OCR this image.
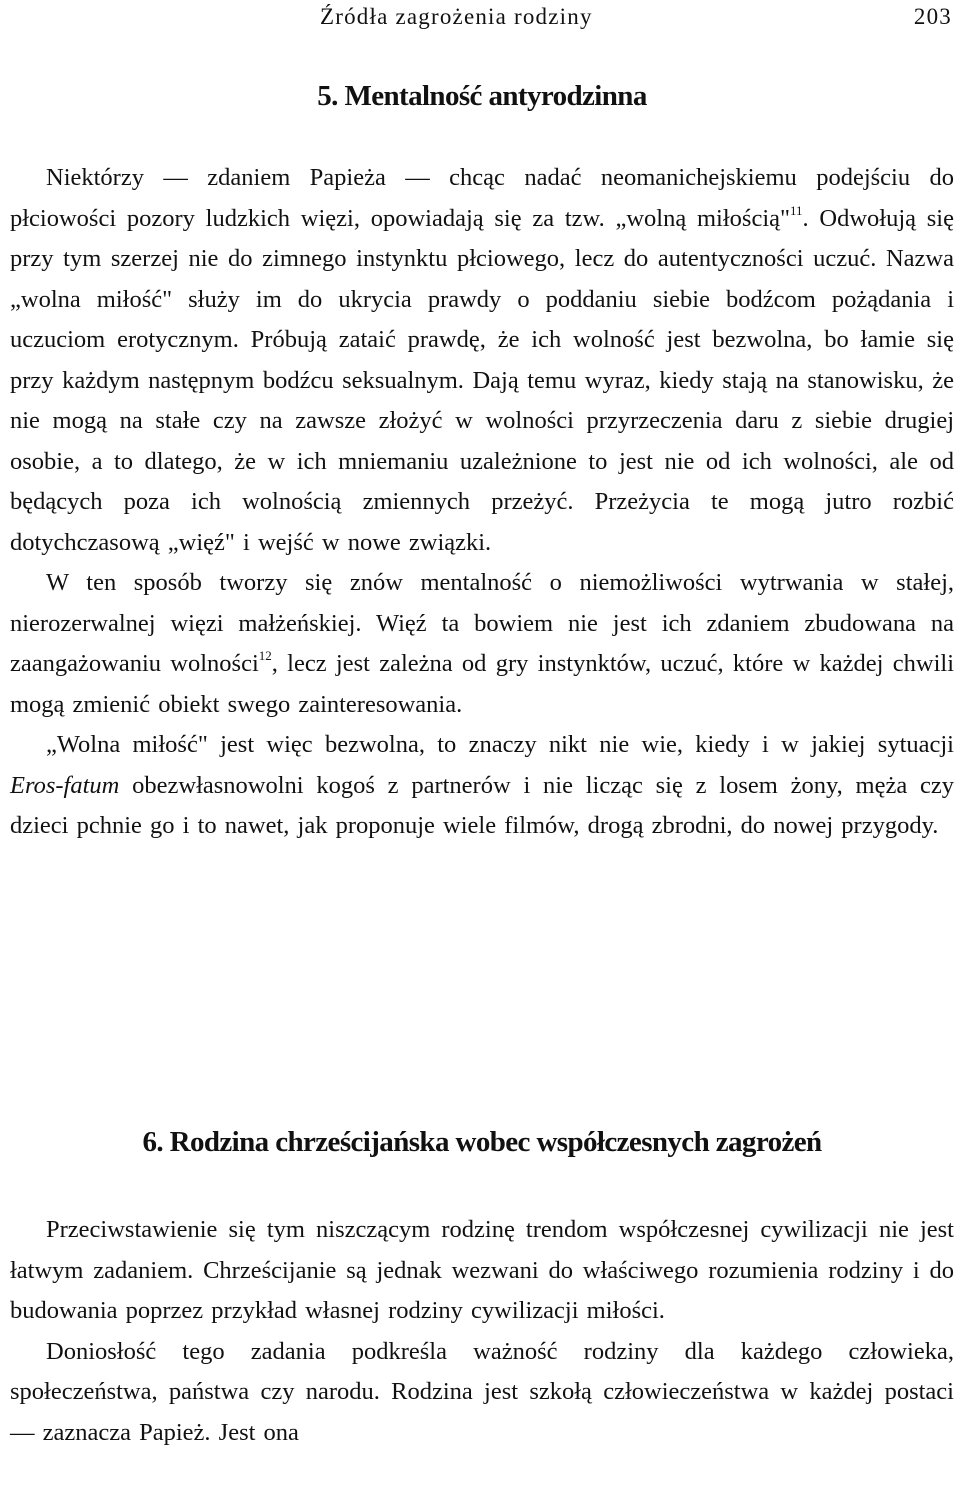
Źródła zagrożenia rodziny	203
5. Mentalność antyrodzinna

Niektórzy — zdaniem Papieża — chcąc nadać neomanichejskiemu podejściu do płciowości pozory ludzkich więzi, opowiadają się za tzw. „wolną miłością"$^{11}$. Odwołują się przy tym szerzej nie do zimnego instynktu płciowego, lecz do autentyczności uczuć. Nazwa „wolna miłość" służy im do ukrycia prawdy o poddaniu siebie bodźcom pożądania i uczuciom erotycznym. Próbują zataić prawdę, że ich wolność jest bezwolna, bo łamie się przy każdym następnym bodźcu seksualnym. Dają temu wyraz, kiedy stają na stanowisku, że nie mogą na stałe czy na zawsze złożyć w wolności przyrzeczenia daru z siebie drugiej osobie, a to dlatego, że w ich mniemaniu uzależnione to jest nie od ich wolności, ale od będących poza ich wolnością zmiennych przeżyć. Przeżycia te mogą jutro rozbić dotychczasową „więź" i wejść w nowe związki.

W ten sposób tworzy się znów mentalność o niemożliwości wytrwania w stałej, nierozerwalnej więzi małżeńskiej. Więź ta bowiem nie jest ich zdaniem zbudowana na zaangażowaniu wolności$^{12}$, lecz jest zależna od gry instynktów, uczuć, które w każdej chwili mogą zmienić obiekt swego zainteresowania.

„Wolna miłość" jest więc bezwolna, to znaczy nikt nie wie, kiedy i w jakiej sytuacji Eros-fatum obezwłasnowolni kogoś z partnerów i nie licząc się z losem żony, męża czy dzieci pchnie go i to nawet, jak proponuje wiele filmów, drogą zbrodni, do nowej przygody.

6. Rodzina chrześcijańska wobec współczesnych zagrożeń

Przeciwstawienie się tym niszczącym rodzinę trendom współczesnej cywilizacji nie jest łatwym zadaniem. Chrześcijanie są jednak wezwani do właściwego rozumienia rodziny i do budowania poprzez przykład własnej rodziny cywilizacji miłości.

Doniosłość tego zadania podkreśla ważność rodziny dla każdego człowieka, społeczeństwa, państwa czy narodu. Rodzina jest szkołą człowieczeństwa w każdej postaci — zaznacza Papież. Jest ona
